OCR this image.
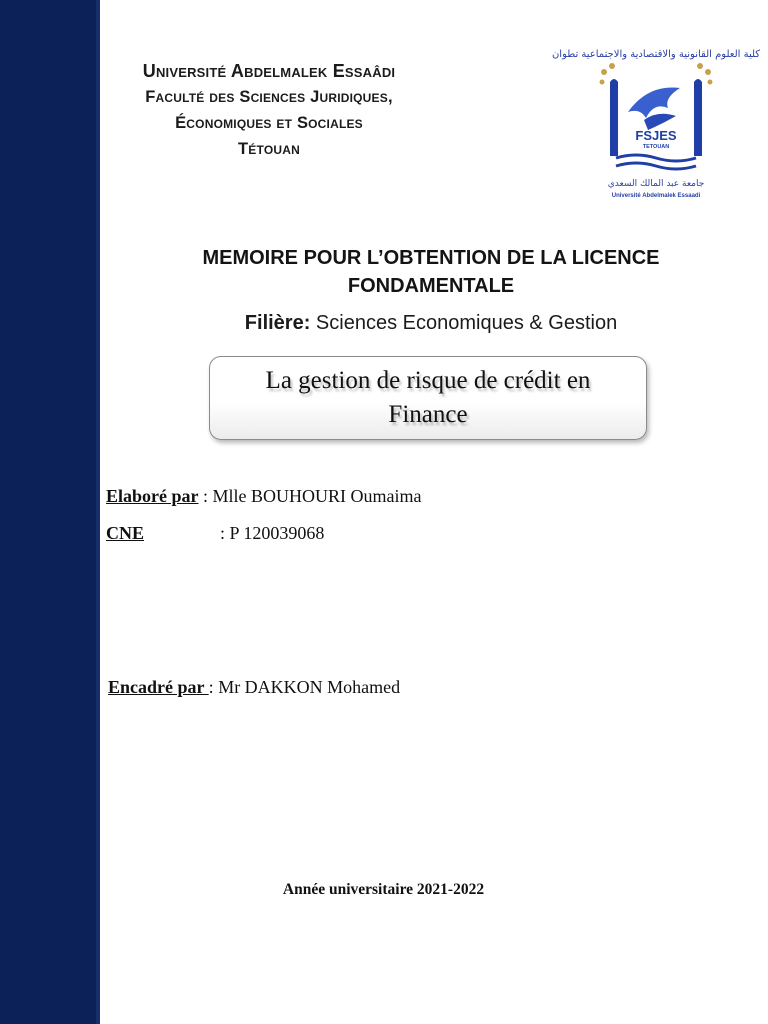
Université Abdelmalek Essaâdi
Faculté des Sciences Juridiques,
Économiques et Sociales
Tétouan
كلية العلوم القانونية والاقتصادية والاجتماعية تطوان
FSJES
TETOUAN
جامعة عبد المالك السعدي
Université Abdelmalek Essaadi
MEMOIRE POUR L’OBTENTION DE LA LICENCE
FONDAMENTALE
Filière: Sciences Economiques & Gestion
La gestion de risque de crédit en
Finance
Elaboré par : Mlle BOUHOURI Oumaima
CNE	: P 120039068
Encadré par : Mr DAKKON Mohamed
Année universitaire 2021-2022
